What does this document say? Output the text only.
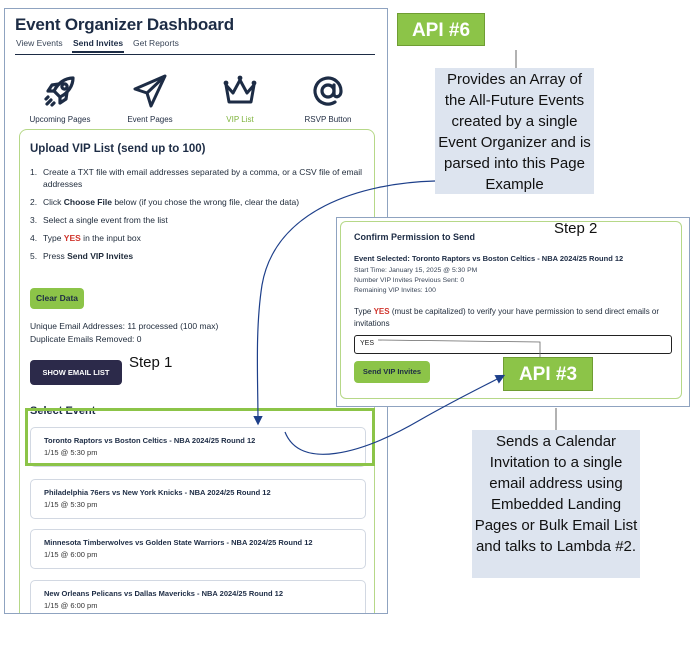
Event Organizer Dashboard
View Events Send Invites Get Reports
Upcoming Pages	Event Pages	VIP List	RSVP Button
Upload VIP List (send up to 100)
1. Create a TXT file with email addresses separated by a comma, or a CSV file of email addresses
2. Click Choose File below (if you chose the wrong file, clear the data)
3. Select a single event from the list
4. Type YES in the input box
5. Press Send VIP Invites
Clear Data
Unique Email Addresses: 11 processed (100 max)
Duplicate Emails Removed: 0
SHOW EMAIL LIST
Select Event
Toronto Raptors vs Boston Celtics - NBA 2024/25 Round 12
1/15 @ 5:30 pm
Philadelphia 76ers vs New York Knicks - NBA 2024/25 Round 12
1/15 @ 5:30 pm
Minnesota Timberwolves vs Golden State Warriors - NBA 2024/25 Round 12
1/15 @ 6:00 pm
New Orleans Pelicans vs Dallas Mavericks - NBA 2024/25 Round 12
1/15 @ 6:00 pm
Confirm Permission to Send
Event Selected: Toronto Raptors vs Boston Celtics - NBA 2024/25 Round 12
Start Time: January 15, 2025 @ 5:30 PM
Number VIP Invites Previous Sent: 0
Remaining VIP Invites: 100
Type YES (must be capitalized) to verify your have permission to send direct emails or invitations
YES
Send VIP Invites
API #6
Provides an Array of the All-Future Events created by a single Event Organizer and is parsed into this Page Example
API #3
Sends a Calendar Invitation to a single email address using Embedded Landing Pages or Bulk Email List and talks to Lambda #2.
Step 1
Step 2
